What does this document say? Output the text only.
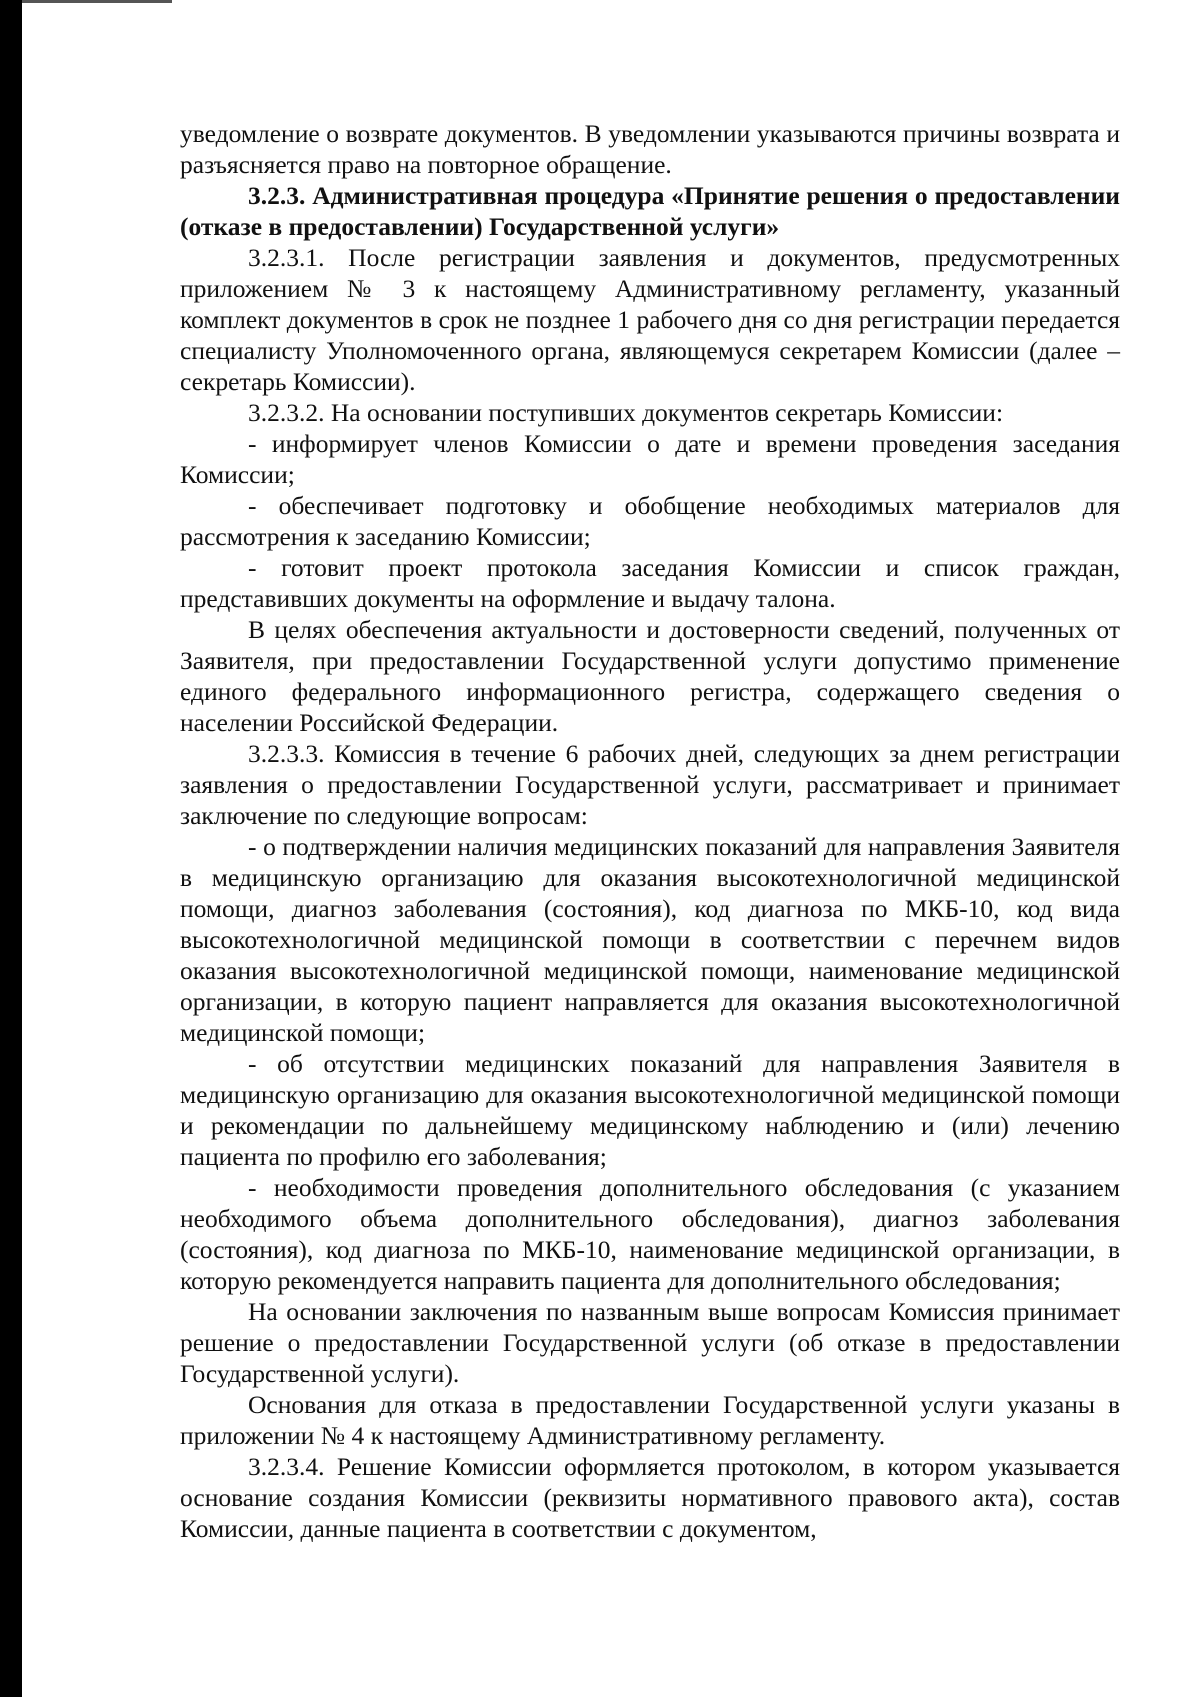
уведомление о возврате документов. В уведомлении указываются причины возврата и разъясняется право на повторное обращение.

3.2.3. Административная процедура «Принятие решения о предоставлении (отказе в предоставлении) Государственной услуги»

3.2.3.1. После регистрации заявления и документов, предусмотренных приложением № 3 к настоящему Административному регламенту, указанный комплект документов в срок не позднее 1 рабочего дня со дня регистрации передается специалисту Уполномоченного органа, являющемуся секретарем Комиссии (далее – секретарь Комиссии).

3.2.3.2. На основании поступивших документов секретарь Комиссии:

- информирует членов Комиссии о дате и времени проведения заседания Комиссии;

- обеспечивает подготовку и обобщение необходимых материалов для рассмотрения к заседанию Комиссии;

- готовит проект протокола заседания Комиссии и список граждан, представивших документы на оформление и выдачу талона.

В целях обеспечения актуальности и достоверности сведений, полученных от Заявителя, при предоставлении Государственной услуги допустимо применение единого федерального информационного регистра, содержащего сведения о населении Российской Федерации.

3.2.3.3. Комиссия в течение 6 рабочих дней, следующих за днем регистрации заявления о предоставлении Государственной услуги, рассматривает и принимает заключение по следующие вопросам:

- о подтверждении наличия медицинских показаний для направления Заявителя в медицинскую организацию для оказания высокотехнологичной медицинской помощи, диагноз заболевания (состояния), код диагноза по МКБ-10, код вида высокотехнологичной медицинской помощи в соответствии с перечнем видов оказания высокотехнологичной медицинской помощи, наименование медицинской организации, в которую пациент направляется для оказания высокотехнологичной медицинской помощи;

- об отсутствии медицинских показаний для направления Заявителя в медицинскую организацию для оказания высокотехнологичной медицинской помощи и рекомендации по дальнейшему медицинскому наблюдению и (или) лечению пациента по профилю его заболевания;

- необходимости проведения дополнительного обследования (с указанием необходимого объема дополнительного обследования), диагноз заболевания (состояния), код диагноза по МКБ-10, наименование медицинской организации, в которую рекомендуется направить пациента для дополнительного обследования;

На основании заключения по названным выше вопросам Комиссия принимает решение о предоставлении Государственной услуги (об отказе в предоставлении Государственной услуги).

Основания для отказа в предоставлении Государственной услуги указаны в приложении № 4 к настоящему Административному регламенту.

3.2.3.4. Решение Комиссии оформляется протоколом, в котором указывается основание создания Комиссии (реквизиты нормативного правового акта), состав Комиссии, данные пациента в соответствии с документом,
